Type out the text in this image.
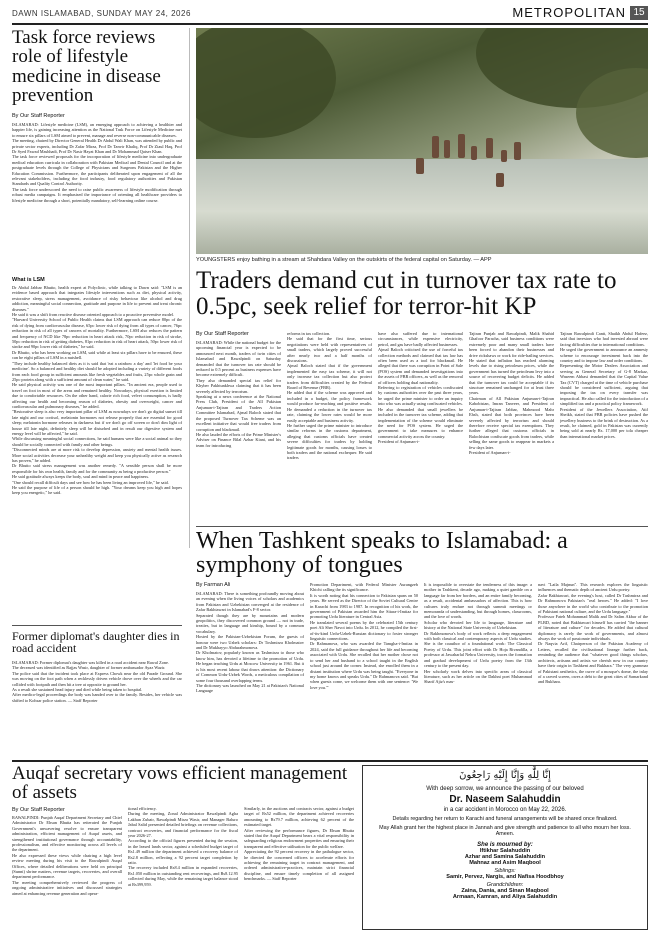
DAWN ISLAMABAD, SUNDAY MAY 24, 2026	METROPOLITAN 15
Task force reviews role of lifestyle medicine in disease prevention
By Our Staff Reporter
ISLAMABAD: Lifestyle medicine (LSM), an emerging approach to achieving a healthier and happier life, is gaining increasing attention as the National Task Force on Lifestyle Medicine met to ensure six pillars of LSM aimed to prevent, manage and reverse non-communicable diseases.
The meeting, chaired by Director General Health Dr Abdul Wali Khan, was attended by public and private sector experts, including Dr Zafar Mirza, Prof Dr Tanvir Khaliq, Prof Dr Ziaul Haq, Prof Dr Syed Fawad Mashhadi, Prof Dr Nasir Hayat Khan and Dr Mohammad Qaiser Khan.
The task force reviewed proposals for the incorporation of lifestyle medicine into undergraduate medical education curricula in collaboration with Pakistan Medical and Dental Council and at the postgraduate levels through the College of Physicians and Surgeons Pakistan and the Higher Education Commission. Furthermore, the participants deliberated upon engagement of all the relevant stakeholders, including the food industry, food regulatory authorities and Pakistan Standards and Quality Control Authority.
The task force underscored the need to raise public awareness of lifestyle modification through robust media campaigns. It emphasised the importance of orienting all healthcare providers to lifestyle medicine through a short, potentially mandatory, self-learning online course.
What is LSM
Dr Abdul Jabbar Bhutto, health expert at Polyclinic, while talking to Dawn said: "LSM is an evidence based approach that integrates lifestyle interventions such as diet, physical activity, restorative sleep, stress management, avoidance of risky behaviour like alcohol and drug addiction, meaningful social connection, gratitude and purpose in life to prevent and treat chronic diseases."
He said it was a shift from reactive disease oriented approach to a proactive preventive model.
"Harvard University School of Public Health claims that LSM approach can reduce 80pc of the risk of dying from cardiovascular disease, 65pc lower risk of dying from all types of cancer, 76pc reduction in risk of all types of cancers of mortality. Furthermore, LSM also reduces the pattern and frequency of NCD like 78pc reduction in heart attack risk, 70pc reduction in risk of stroke, 50pc reduction in risk of getting diabetes, 81pc reduction in risk of heart attack, 50pc lower risk of stroke and 90pc lower risk of diabetes," he said.
Dr Bhutto, who has been working on LSM, said while at least six pillars have to be ensured, these can be eight pillars of LSM in a nutshell.
"They include healthy balanced diets as it is said that 'eat a rainbow a day' and 'let food be your medicine'. So a balanced and healthy diet should be adopted including a variety of different foods from each food group in sufficient amounts like fresh vegetables and fruits, 25pc whole grain and 25pc protein along with a sufficient amount of clean water," he said.
He said physical activity was one of the most important pillars. "In ancient era, people used to travel on foot in most of the areas and remained healthy. Nowadays, physical exertion is limited due to comfortable resources. On the other hand, calorie rich food, velvet consumption, is badly affecting our health and becoming reason of diabetes, obesity and overweight, cancer and cardiovascular and pulmonary diseases," he added.
"Restorative sleep is also very important pillar of LSM as nowadays we don't go digital sunset till late night and our cortisol, melatonin hormones not release properly that are essential for good sleep; melatonin hormone releases in darkness but if we don't go off screen or don't dim light of house till late night, definitely sleep will be disturbed and in result our digestive system and energy level will be affected," he said.
While discussing meaningful social connections, he said humans were like a social animal so they should be socially connected with family and other beings.
"Disconnected minds are at more risk to develop depression, anxiety and mental health issues. More social activities decrease your unhealthy weight and keep you physically active as research has proven," he added.
Dr Bhutto said stress management was another remedy. "A sensible person shall be more responsible for his own health, family and for the community as being a productive person."
He said gratitude always keeps the body, soul and mind in peace and happiness.
"One should recall difficult days and see how he has been living an improved life," he said.
He said the purpose of life of a person should be high. "Your dreams keep you high and hopes keep you energetic," he said.
Former diplomat's daughter dies in road accident
ISLAMABAD: Former diplomat's daughter was killed in a road accident near Rawal Zone.
The deceased was identified as Rajjas Wasir, daughter of former ambassador Ayaz Wazir.
The police said that the incident took place at Express Chowk near the old Parade Ground. She was moving on the foot path when a recklessly driven vehicle drove over the wheels and the car collided with footpath and then hit a tree at opposite to ground her.
As a result she sustained head injury and died while being taken to hospital.
After medico-legal proceedings the body was handed over to the family. Besides, her vehicle was shifted to Kohsar police station. — Staff Reporter
YOUNGSTERS enjoy bathing in a stream at Shahdara Valley on the outskirts of the federal capital on Saturday. — APP
Traders demand cut in turnover tax rate to 0.5pc, seek relief for terror-hit KP
By Our Staff Reporter
ISLAMABAD: While the national budget for the upcoming financial year is expected to be announced next month, traders of twin cities of Islamabad and Rawalpindi on Saturday demanded that the turnover tax rate should be reduced to 0.5 percent as business expenses have become extremely difficult.
They also demanded special tax relief for Khyber Pakhtunkhwa claiming that it has been severely affected by terrorism.
Speaking at a news conference at the National Press Club, President of the All Pakistan Anjuman-i-Tajiran and Traders Action Committee Islamabad, Ajmal Baloch stated that the proposed Turnover Tax Scheme was an excellent initiative that would free traders from corruption and blackmail.
He also lauded the efforts of the Prime Minister's Adviser on Finance Bilal Azhar Kiani, and his team for introducing
reforms in tax collection.
He said that for the first time, serious negotiations were held with representatives of small traders, which largely proved successful after nearly two and a half months of discussions.
Ajmal Baloch stated that if the government implemented the easy tax scheme, it will not only increase tax collection but also protect traders from difficulties created by the Federal Board of Revenue (FBR).
He added that if the scheme was approved and included in a budget, the policy framework would produce far-reaching and positive results. He demanded a reduction in the turnover tax rate, claiming the lower rates would be more easily acceptable and business activity.
He further urged the prime minister to introduce similar reforms in the customs department, alleging that customs officials have created severe difficulties for traders by holding legitimate goods for months, causing losses to both traders and the national exchequer. He said traders
have also suffered due to international circumstances, while expensive electricity, petrol, and gas have badly affected businesses.
Ajmal Baloch criticised the use of forceful tax collection methods and claimed that tax law has often been used as a tool for blackmail. He alleged that there was corruption in Point of Sale (POS) system and demanded investigations into the assets of FBR officers, as well as the removal of officers holding dual nationality.
Referring to registration of vehicles confiscated by customs authorities over the past three years, he urged the prime minister to order an inquiry into who was actually using confiscated vehicles.
He also demanded that small jewellers be included in the turnover tax scheme, adding that implementation of the scheme would eliminate the need for POS system. He urged the government to take measures to enhance commercial activity across the country.
President of Anjuman-i-
Tajiran Punjab and Rawalpindi, Malik Shahid Ghafoor Paracha, said business conditions were extremely poor and many small traders have been forced to abandon their businesses and drive rickshaws or work for ride-hailing services. He stated that inflation has reached alarming levels due to rising petroleum prices, while the government has turned the petroleum levy into a source of recovering budget deficits. He added that the turnover tax could be acceptable if its structure remained unchanged for at least three years.
Chairman of All Pakistan Anjuman-i-Tajiran Kabobistan, Imran Tanveer, and President of Anjuman-i-Tajiran Jabbar, Mahmood Mahr Ehsh, stated that both provinces have been severely affected by terrorism and should therefore receive special tax exemptions. They further alleged that customs officials in Balochistan confiscate goods from traders, while selling the same goods to reappear in markets a few days later.
President of Anjuman-i-
Tajiran Rawalpindi Cantt, Shaikh Abdul Hafeez, said that investors who had invested abroad were facing difficulties due to international conditions.
He urged the government to announce an amnesty scheme to encourage investment back into the country and to impose law and order conditions.
Representing the Motor Dealers Association and serving as General Secretary of G-8 Markaz, Waseem Abbasi demanded that the Capital Value Tax (CVT) charged at the time of vehicle purchase should be considered sufficient, arguing that imposing the tax on every transfer was impractical. He also called for the introduction of a simplified tax and a practical policy framework.
President of the Jewellers Association, Atif Sheikh, stated that FBR policies have pushed the jewellery business to the brink of destruction. As a result, he claimed, gold in Pakistan was currently being sold at nearly Rs. 17,000 per tola cheaper than international market prices.
When Tashkent speaks to Islamabad: a symphony of tongues
By Farman Ali
ISLAMABAD: There is something profoundly moving about an evening when the living voices of scholars and academics from Pakistan and Uzbekistan converged at the residence of Zafar Bakhtawari in Islamabad's F-8 sector.
Separated though they are by mountains and modern geopolitics, they discovered common ground — not in trade, treaties, but in language and kinship, bound by a common vocabulary.
Hosted by the Pakistan-Uzbekistan Forum, the guests of honour were two Uzbek scholars: Dr Toshmirza Kholmatov and Dr Mukhayyo Abdurahmonova.
Dr Kholmatov, popularly known as Tashmirza to those who know him, has devoted a lifetime to the promotion of Urdu. He began teaching Urdu at Moscow University in 1961. But it is his most recent labour that draws attention: the Dictionary of Common Urdu-Uzbek Words, a meticulous compilation of some four thousand overlapping terms.
The dictionary was launched on May 21 at Pakistan's National Language
Promotion Department, with Federal Minister Aurangzeb Khichi calling the its significance.
It is worth noting that his connection to Pakistan spans on 50 years. He served as the Director of the Soviet Cultural Centre in Karachi from 1983 to 1987. In recognition of his work, the government of Pakistan awarded him the Sitara-i-Imtiaz for promoting Urdu literature in Central Asia.
He translated several poems by the celebrated 15th century poet Ali Sher Navoi into Urdu. In 2012, he compiled the first-of-its-kind Urdu-Uzbek-Russian dictionary to foster stronger linguistic connections.
Dr Rahmanova, who was awarded the Tamgha-i-Imtiaz in 2024, said the full guidance throughout her life and becoming associated with Urdu. She recalled that her mother chose not to send her and husband to a school taught in the English school just around the corner. Instead, she enrolled them in a distant institution where Urdu was being taught. "Everyone in my home knows and speaks Urdu." Dr Rahmanova said. "But when guests come, we welcome them with one sentence: 'We love you.'"
It is impossible to overstate the tenderness of this image: a mother in Tashkent, decade ago, making a quiet gamble on a language far from her borders, and an entire family becoming, as a result, accidental ambassadors of affection. This is how cultures truly endure not through summit meetings or memoranda of understanding, but through homes, classrooms, and the love of words.
Scholar who devoted her life to language, literature and history at the National State University of Uzbekistan.
Dr Rakhmonova's body of work reflects a deep engagement with both classical and contemporary aspects of Urdu studies. She is the coauthor of a foundational work: The Classical Poetry of Urdu. This joint effort with Dr Hoja Rivandilla, a professor at Jawaharlal Nehru University, traces the formation and gradual development of Urdu poetry from the 13th century to the present day.
Her scholarly work delves into specific areas of classical literature, such as her article on the Dakhni poet Muhammad Sharif Ajiz's mas-
navi "Laila Majnun". This research explores the linguistic influences and thematic depth of ancient Urdu poetry.
Zafar Bakhtawari, the evening's host, called Dr Tashmirza and Dr Rahmonova Pakistan's "real heroes." He added: "I love those anywhere in the world who contribute to the promotion of Pakistani national culture, and the Urdu language."
Professor Fateh Mohammad Malik and Dr Salim Akbar of the PLBD, noted that Bakhtawari himself has carried "the banner of literature and culture" for decades. He added that cultural diplomacy is rarely the work of governments, and almost always the work of passionate individuals.
Dr Naqvia Arif, Chairperson of the Pakistan Academy of Letters, recalled the civilisational lineage further back, reminding the audience that "whatever good things scholars, architects, artisans and artists we cherish now in our country have their origin in Tashkent and Bukhara." The very grammar of Pakistani aesthetics, the curve of a mosque's dome, the inlay of a carved screen, owes a debt to the great cities of Samarkand and Bukhara.
Auqaf secretary vows efficient management of assets
By Our Staff Reporter
RAWALPINDI: Punjab Auqaf Department Secretary and Chief Administrator Dr Ehsan Bhutta has reiterated the Punjab Government's unwavering resolve to ensure transparent administration, efficient management of Auqaf assets, and strengthened institutional governance through accountability, professionalism, and effective monitoring across all levels of the department.
He also expressed these views while chairing a high level review meeting during his visit to the Rawalpindi Auqaf Offices, where detailed deliberations were held on principal (Sunni) shrine matters, revenue targets, recoveries, and overall department performance.
The meeting comprehensively reviewed the progress of ongoing administrative initiatives and discussed strategies aimed at enhancing revenue generation and opera-
tional efficiency.
During the meeting, Zonal Administrator Rawalpindi Agha Lakhan Zubair, Rawalpindi Mirza Wasir, and Manager Baluro Jabal Salid presented detailed briefings on revenue collections, contract recoveries, and financial performance for the fiscal year 2026-27.
According to the official figures presented during the session, in the leased lands sector, against a scheduled budget target of Rs1.49 million the department achieved a recovery balance of Rs2.8 million, reflecting a 92 percent target completion by ratio.
The recovery included Rs8.4 million in expanded recoveries, Rs1.050 million in outstanding rent recoverings, and Rs8.12.95 collected during May, while the remaining target balance stood at Rs399,959.
Similarly, in the auctions and contracts sector, against a budget target of Rs52 million, the department achieved recoveries amounting to Rs79.7 million, achieving 62 percent of the estimated target.
After reviewing the performance figures, Dr Ehsan Bhutta stated that the Auqaf Department bears a vital responsibility in safeguarding religious endowment properties and ensuring their transparent and effective utilisation for the public welfare.
Appreciating the 92 percent recovery in the pathalogue sector, he directed the concerned officers to accelerate efforts for achieving the remaining target in contract management, and ordered administrative-practices, maintain strict financial discipline, and ensure timely completion of all assigned benchmarks. — Staff Reporter
إِنَّا لِلَّٰهِ وَإِنَّا إِلَيْهِ رَاجِعُونَ
With deep sorrow, we announce the passing of our beloved
Dr. Naseem Salahuddin
in a car accident in Morocco on May 22, 2026.
Details regarding her return to Karachi and funeral arrangements will be shared once finalized.
May Allah grant her the highest place in Jannah and give strength and patience to all who mourn her loss. Ameen.
She is mourned by:
Iftikhar Salahuddin
Azhar and Samina Salahuddin
Mahnaz and Asim Maqbool
Siblings:
Samir, Pervez, Nargis, and Nafisa Hoodbhoy
Grandchildren:
Zaina, Dania, and Sinan Maqbool
Armaan, Kamran, and Aliya Salahuddin
